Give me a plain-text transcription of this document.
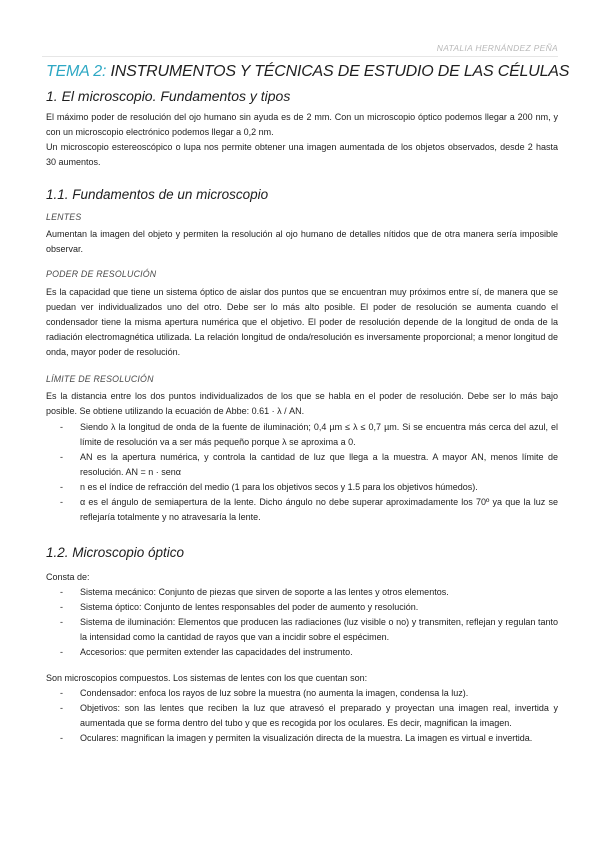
NATALIA HERNÁNDEZ PEÑA
TEMA 2: INSTRUMENTOS Y TÉCNICAS DE ESTUDIO DE LAS CÉLULAS
1. El microscopio. Fundamentos y tipos
El máximo poder de resolución del ojo humano sin ayuda es de 2 mm. Con un microscopio óptico podemos llegar a 200 nm, y con un microscopio electrónico podemos llegar a 0,2 nm.
Un microscopio estereoscópico o lupa nos permite obtener una imagen aumentada de los objetos observados, desde 2 hasta 30 aumentos.
1.1. Fundamentos de un microscopio
LENTES
Aumentan la imagen del objeto y permiten la resolución al ojo humano de detalles nítidos que de otra manera sería imposible observar.
PODER DE RESOLUCIÓN
Es la capacidad que tiene un sistema óptico de aislar dos puntos que se encuentran muy próximos entre sí, de manera que se puedan ver individualizados uno del otro. Debe ser lo más alto posible. El poder de resolución se aumenta cuando el condensador tiene la misma apertura numérica que el objetivo. El poder de resolución depende de la longitud de onda de la radiación electromagnética utilizada. La relación longitud de onda/resolución es inversamente proporcional; a menor longitud de onda, mayor poder de resolución.
LÍMITE DE RESOLUCIÓN
Es la distancia entre los dos puntos individualizados de los que se habla en el poder de resolución. Debe ser lo más bajo posible. Se obtiene utilizando la ecuación de Abbe: 0.61 · λ / AN.
- Siendo λ la longitud de onda de la fuente de iluminación; 0,4 µm ≤ λ ≤ 0,7 µm. Si se encuentra más cerca del azul, el límite de resolución va a ser más pequeño porque λ se aproxima a 0.
- AN es la apertura numérica, y controla la cantidad de luz que llega a la muestra. A mayor AN, menos límite de resolución. AN = n · senα
- n es el índice de refracción del medio (1 para los objetivos secos y 1.5 para los objetivos húmedos).
- α es el ángulo de semiapertura de la lente. Dicho ángulo no debe superar aproximadamente los 70º ya que la luz se reflejaría totalmente y no atravesaría la lente.
1.2. Microscopio óptico
Consta de:
- Sistema mecánico: Conjunto de piezas que sirven de soporte a las lentes y otros elementos.
- Sistema óptico: Conjunto de lentes responsables del poder de aumento y resolución.
- Sistema de iluminación: Elementos que producen las radiaciones (luz visible o no) y transmiten, reflejan y regulan tanto la intensidad como la cantidad de rayos que van a incidir sobre el espécimen.
- Accesorios: que permiten extender las capacidades del instrumento.
Son microscopios compuestos. Los sistemas de lentes con los que cuentan son:
- Condensador: enfoca los rayos de luz sobre la muestra (no aumenta la imagen, condensa la luz).
- Objetivos: son las lentes que reciben la luz que atravesó el preparado y proyectan una imagen real, invertida y aumentada que se forma dentro del tubo y que es recogida por los oculares. Es decir, magnifican la imagen.
- Oculares: magnifican la imagen y permiten la visualización directa de la muestra. La imagen es virtual e invertida.
